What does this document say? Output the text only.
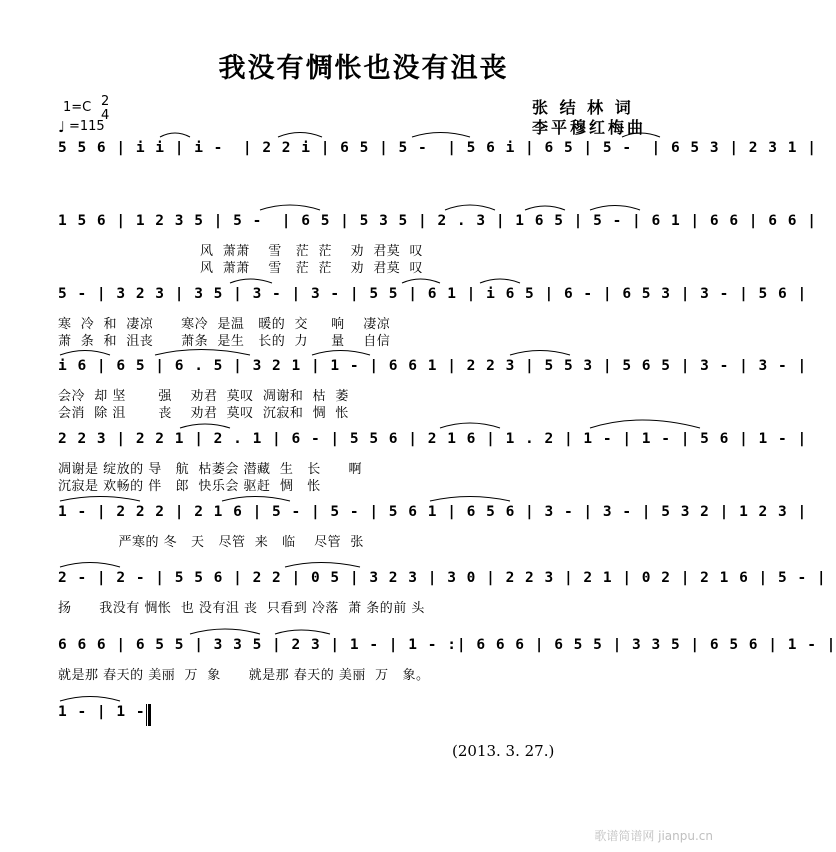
我没有惆怅也没有沮丧
张 结 林 词
李平穆红梅曲
1=C 2
4
♩ =115
5 5 6 | i i | i -  | 2 2 i | 6 5 | 5 -  | 5 6 i | 6 5 | 5 -  | 6 5 3 | 2 3 1 |
1 5 6 | 1 2 3 5 | 5 -  | 6 5 | 5 3 5 | 2 . 3 | 1 6 5 | 5 - | 6 1 | 6 6 | 6 6 |
风  萧萧    雪   茫  茫    劝  君莫  叹
风  萧萧    雪   茫  茫    劝  君莫  叹
5 - | 3 2 3 | 3 5 | 3 - | 3 - | 5 5 | 6 1 | i 6 5 | 6 - | 6 5 3 | 3 - | 5 6 |
寒  冷  和  凄凉      寒冷  是温   暖的  交     响    凄凉
萧  条  和  沮丧      萧条  是生   长的  力     量    自信
i 6 | 6 5 | 6 . 5 | 3 2 1 | 1 - | 6 6 1 | 2 2 3 | 5 5 3 | 5 6 5 | 3 - | 3 - |
会冷  却 坚       强    劝君  莫叹  凋谢和  枯  萎
会消  除 沮       丧    劝君  莫叹  沉寂和  惆  怅
2 2 3 | 2 2 1 | 2 . 1 | 6 - | 5 5 6 | 2 1 6 | 1 . 2 | 1 - | 1 - | 5 6 | 1 - |
凋谢是 绽放的 导   航  枯萎会 潜藏  生   长      啊
沉寂是 欢畅的 伴   郎  快乐会 驱赶  惆   怅
1 - | 2 2 2 | 2 1 6 | 5 - | 5 - | 5 6 1 | 6 5 6 | 3 - | 3 - | 5 3 2 | 1 2 3 |
严寒的 冬   天   尽管  来   临    尽管  张
2 - | 2 - | 5 5 6 | 2 2 | 0 5 | 3 2 3 | 3 0 | 2 2 3 | 2 1 | 0 2 | 2 1 6 | 5 - |
扬      我没有 惆怅  也 没有沮 丧  只看到 冷落  萧 条的前 头
6 6 6 | 6 5 5 | 3 3 5 | 2 3 | 1 - | 1 - :| 6 6 6 | 6 5 5 | 3 3 5 | 6 5 6 | 1 - |
就是那 春天的 美丽  万  象      就是那 春天的 美丽  万   象。
1 - | 1 -
(2013. 3. 27.)
歌谱简谱网 jianpu.cn
